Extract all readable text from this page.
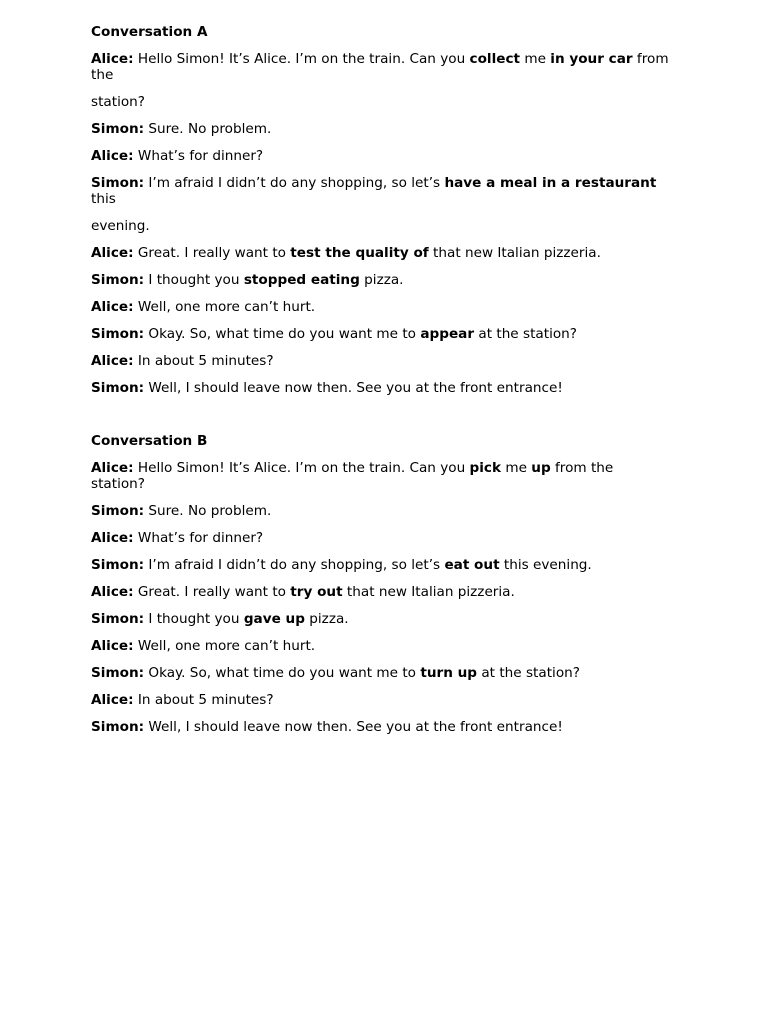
Conversation A
Alice: Hello Simon! It’s Alice. I’m on the train. Can you collect me in your car from the
station?
Simon: Sure. No problem.
Alice: What’s for dinner?
Simon: I’m afraid I didn’t do any shopping, so let’s have a meal in a restaurant this
evening.
Alice: Great. I really want to test the quality of that new Italian pizzeria.
Simon: I thought you stopped eating pizza.
Alice: Well, one more can’t hurt.
Simon: Okay. So, what time do you want me to appear at the station?
Alice: In about 5 minutes?
Simon: Well, I should leave now then. See you at the front entrance!
Conversation B
Alice: Hello Simon! It’s Alice. I’m on the train. Can you pick me up from the station?
Simon: Sure. No problem.
Alice: What’s for dinner?
Simon: I’m afraid I didn’t do any shopping, so let’s eat out this evening.
Alice: Great. I really want to try out that new Italian pizzeria.
Simon: I thought you gave up pizza.
Alice: Well, one more can’t hurt.
Simon: Okay. So, what time do you want me to turn up at the station?
Alice: In about 5 minutes?
Simon: Well, I should leave now then. See you at the front entrance!
